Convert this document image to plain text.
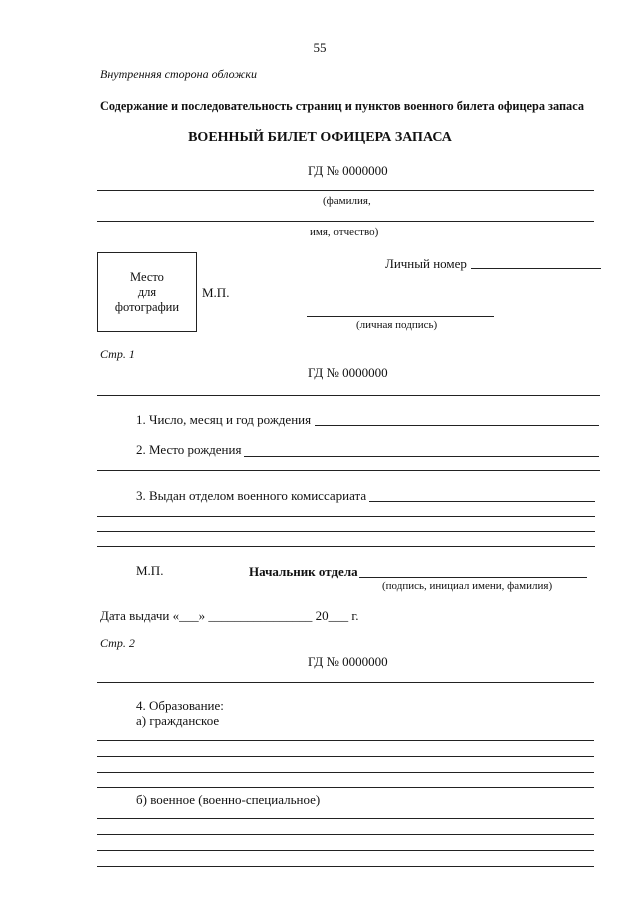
55
Внутренняя сторона обложки
Содержание и последовательность страниц и пунктов военного билета офицера запаса
ВОЕННЫЙ БИЛЕТ ОФИЦЕРА ЗАПАСА
ГД № 0000000
(фамилия,
имя, отчество)
Место
для
фотографии
М.П.
Личный номер
(личная подпись)
Стр. 1
ГД № 0000000
1. Число, месяц и год рождения
2. Место рождения
3. Выдан отделом военного комиссариата
М.П.	Начальник отдела
(подпись, инициал имени, фамилия)
Дата выдачи «___» ________________ 20___ г.
Стр. 2
ГД № 0000000
4. Образование:
а) гражданское
б) военное (военно-специальное)
